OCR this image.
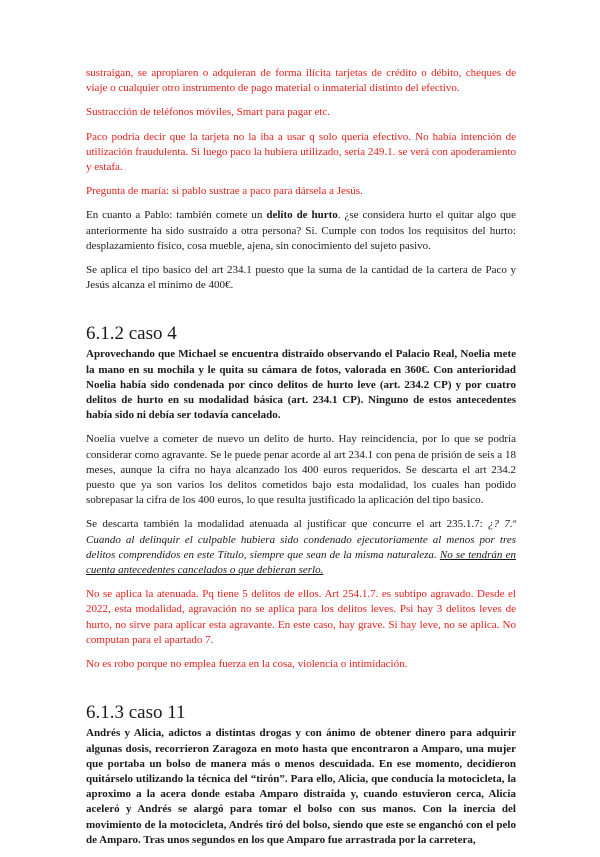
sustraigan, se apropiaren o adquieran de forma ilícita tarjetas de crédito o débito, cheques de viaje o cualquier otro instrumento de pago material o inmaterial distinto del efectivo.

Sustracción de teléfonos móviles, Smart para pagar etc.

Paco podría decir que la tarjeta no la iba a usar q solo quería efectivo. No había intención de utilización fraudulenta. Si luego paco la hubiera utilizado, seria 249.1. se verá con apoderamiento y estafa.

Pregunta de maría: si pablo sustrae a paco para dársela a Jesús.

En cuanto a Pablo: también comete un delito de hurto. ¿se considera hurto el quitar algo que anteriormente ha sido sustraído a otra persona? Si. Cumple con todos los requisitos del hurto: desplazamiento físico, cosa mueble, ajena, sin conocimiento del sujeto pasivo.

Se aplica el tipo basico del art 234.1 puesto que la suma de la cantidad de la cartera de Paco y Jesús alcanza el mínimo de 400€.

6.1.2 caso 4

Aprovechando que Michael se encuentra distraído observando el Palacio Real, Noelia mete la mano en su mochila y le quita su cámara de fotos, valorada en 360€. Con anterioridad Noelia había sido condenada por cinco delitos de hurto leve (art. 234.2 CP) y por cuatro delitos de hurto en su modalidad básica (art. 234.1 CP). Ninguno de estos antecedentes había sido ni debía ser todavía cancelado.

Noelia vuelve a cometer de nuevo un delito de hurto. Hay reincidencia, por lo que se podría considerar como agravante. Se le puede penar acorde al art 234.1 con pena de prisión de seis a 18 meses, aunque la cifra no haya alcanzado los 400 euros requeridos. Se descarta el art 234.2 puesto que ya son varios los delitos cometidos bajo esta modalidad, los cuales han podido sobrepasar la cifra de los 400 euros, lo que resulta justificado la aplicación del tipo basico.

Se descarta también la modalidad atenuada al justificar que concurre el art 235.1.7: ¿? 7.º Cuando al delinquir el culpable hubiera sido condenado ejecutoriamente al menos por tres delitos comprendidos en este Título, siempre que sean de la misma naturaleza. No se tendrán en cuenta antecedentes cancelados o que debieran serlo.

No se aplica la atenuada. Pq tiene 5 delitos de ellos. Art 254.1.7. es subtipo agravado. Desde el 2022, esta modalidad, agravación no se aplica para los delitos leves. Psi hay 3 delitos leves de hurto, no sirve para aplicar esta agravante. En este caso, hay grave. Si hay leve, no se aplica. No computan para el apartado 7.

No es robo porque no emplea fuerza en la cosa, violencia o intimidación.

6.1.3 caso 11

Andrés y Alicia, adictos a distintas drogas y con ánimo de obtener dinero para adquirir algunas dosis, recorrieron Zaragoza en moto hasta que encontraron a Amparo, una mujer que portaba un bolso de manera más o menos descuidada. En ese momento, decidieron quitárselo utilizando la técnica del “tirón”. Para ello, Alicia, que conducía la motocicleta, la aproximo a la acera donde estaba Amparo distraída y, cuando estuvieron cerca, Alicia aceleró y Andrés se alargó para tomar el bolso con sus manos. Con la inercia del movimiento de la motocicleta, Andrés tiró del bolso, siendo que este se enganchó con el pelo de Amparo. Tras unos segundos en los que Amparo fue arrastrada por la carretera,
